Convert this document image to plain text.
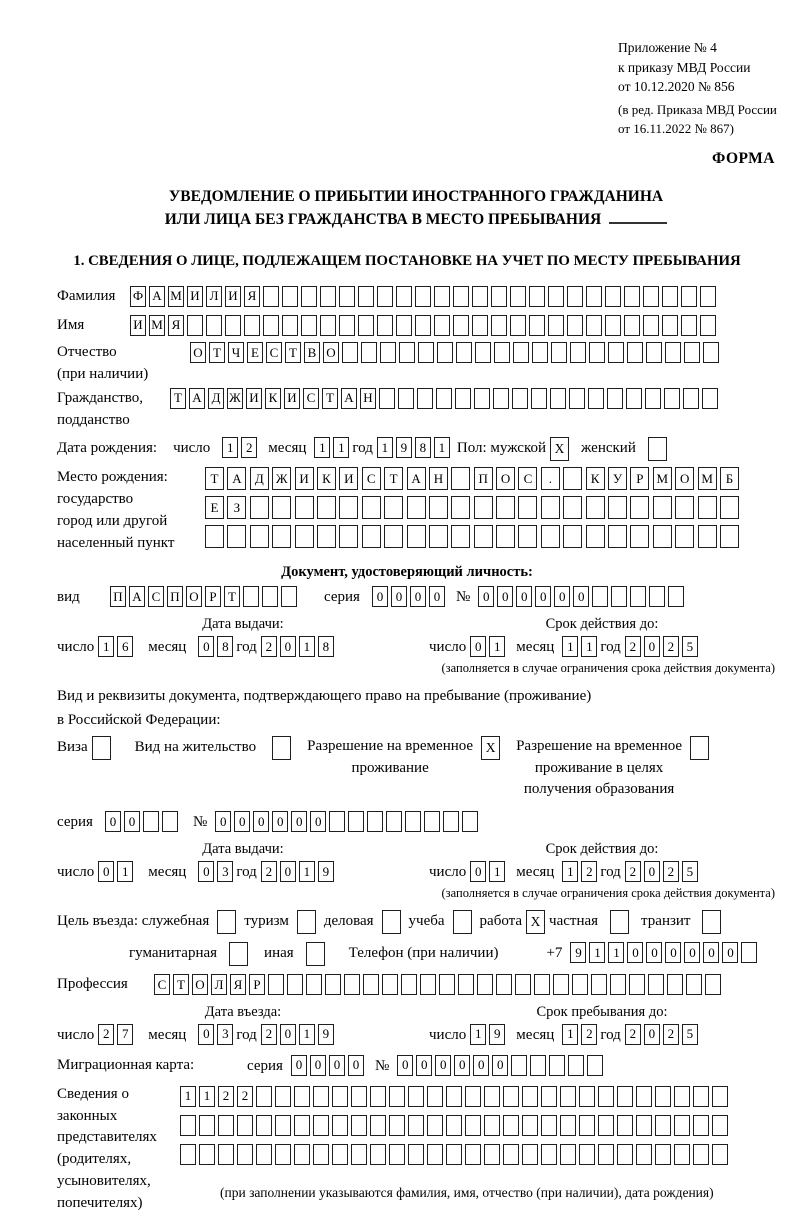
Приложение № 4
к приказу МВД России
от 10.12.2020 № 856
(в ред. Приказа МВД России
от 16.11.2022 № 867)
ФОРМА
УВЕДОМЛЕНИЕ О ПРИБЫТИИ ИНОСТРАННОГО ГРАЖДАНИНА
ИЛИ ЛИЦА БЕЗ ГРАЖДАНСТВА В МЕСТО ПРЕБЫВАНИЯ
1. СВЕДЕНИЯ О ЛИЦЕ, ПОДЛЕЖАЩЕМ ПОСТАНОВКЕ НА УЧЕТ ПО МЕСТУ ПРЕБЫВАНИЯ
Фамилия	Ф А М И Л И Я
Имя	И М Я
Отчество
(при наличии)
О Т Ч Е С Т В О
Гражданство,
подданство
Т А Д Ж И К И С Т А Н
Дата рождения: число	1 2	месяц 1 1 год 1 9 8 1 Пол: мужской X	женский
Место рождения:
государство
город или другой
населенный пункт
Т	А	Д Ж И	К	И	С	Т	А	Н	П	О	С	.	К	У	Р	М О М Б
Е	З
Документ, удостоверяющий личность:
вид	П А С П О Р Т	серия	0 0 0 0	№ 0 0 0 0 0 0
Дата выдачи:
число 1 6	месяц	0 8 год 2 0 1 8
Срок действия до:
число 0 1	месяц 1 1 год 2 0 2 5
(заполняется в случае ограничения срока действия документа)
Вид и реквизиты документа, подтверждающего право на пребывание (проживание)
в Российской Федерации:
Виза	Вид на жительство	Разрешение на временное
проживание
X	Разрешение на временное
проживание в целях
получения образования
серия	0 0	№ 0 0 0 0 0 0
Дата выдачи:
число 0 1	месяц	0 3 год 2 0 1 9
Срок действия до:
число 0 1	месяц 1 2 год 2 0 2 5
(заполняется в случае ограничения срока действия документа)
Цель въезда: служебная туризм деловая учеба работа X частная	транзит
гуманитарная	иная	Телефон (при наличии)	+7 9 1 1 0 0 0 0 0 0
Профессия	С Т О Л Я Р
Дата въезда:
число 2 7	месяц	0 3 год 2 0 1 9
Срок пребывания до:
число 1 9	месяц 1 2 год 2 0 2 5
Миграционная карта:	серия 0 0 0 0	№ 0 0 0 0 0 0
Сведения о
законных
представителях
(родителях,
усыновителях,
попечителях)
1 1 2 2
(при заполнении указываются фамилия, имя, отчество (при наличии), дата рождения)
